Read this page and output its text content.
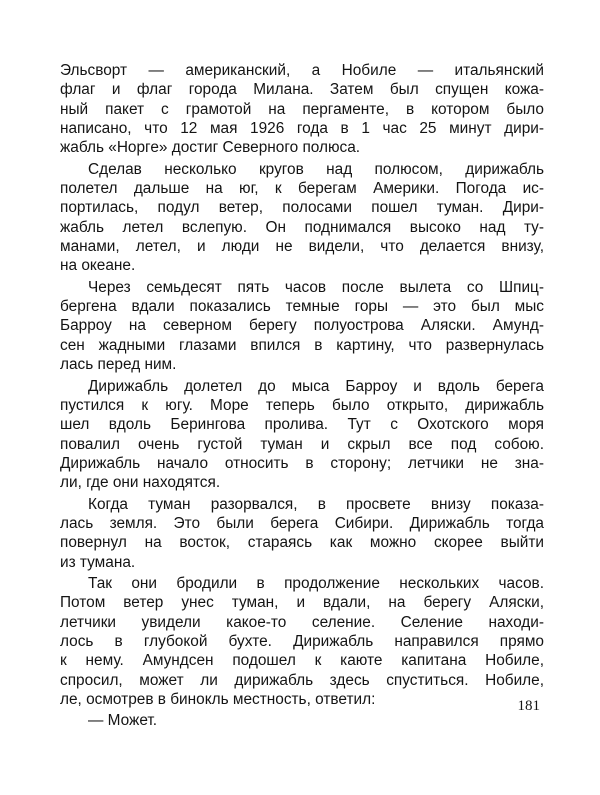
Эльсворт — американский, а Нобиле — итальянский
флаг и флаг города Милана. Затем был спущен кожа-
ный пакет с грамотой на пергаменте, в котором было
написано, что 12 мая 1926 года в 1 час 25 минут дири-
жабль «Норге» достиг Северного полюса.
Сделав несколько кругов над полюсом, дирижабль
полетел дальше на юг, к берегам Америки. Погода ис-
портилась, подул ветер, полосами пошел туман. Дири-
жабль летел вслепую. Он поднимался высоко над ту-
манами, летел, и люди не видели, что делается внизу,
на океане.
Через семьдесят пять часов после вылета со Шпиц-
бергена вдали показались темные горы — это был мыс
Барроу на северном берегу полуострова Аляски. Амунд-
сен жадными глазами впился в картину, что развернулась
лась перед ним.
Дирижабль долетел до мыса Барроу и вдоль берега
пустился к югу. Море теперь было открыто, дирижабль
шел вдоль Берингова пролива. Тут с Охотского моря
повалил очень густой туман и скрыл все под собою.
Дирижабль начало относить в сторону; летчики не зна-
ли, где они находятся.
Когда туман разорвался, в просвете внизу показа-
лась земля. Это были берега Сибири. Дирижабль тогда
повернул на восток, стараясь как можно скорее выйти
из тумана.
Так они бродили в продолжение нескольких часов.
Потом ветер унес туман, и вдали, на берегу Аляски,
летчики увидели какое-то селение. Селение находи-
лось в глубокой бухте. Дирижабль направился прямо
к нему. Амундсен подошел к каюте капитана Нобиле,
спросил, может ли дирижабль здесь спуститься. Нобиле,
ле, осмотрев в бинокль местность, ответил:
— Может.
181
